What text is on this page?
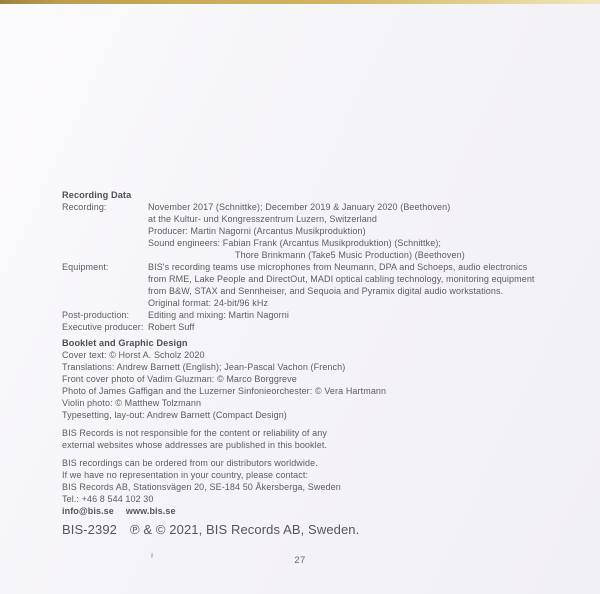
Recording Data
Recording:	November 2017 (Schnittke); December 2019 & January 2020 (Beethoven)
at the Kultur- und Kongresszentrum Luzern, Switzerland
Producer: Martin Nagorni (Arcantus Musikproduktion)
Sound engineers: Fabian Frank (Arcantus Musikproduktion) (Schnittke);
Thore Brinkmann (Take5 Music Production) (Beethoven)
Equipment:	BIS's recording teams use microphones from Neumann, DPA and Schoeps, audio electronics
from RME, Lake People and DirectOut, MADI optical cabling technology, monitoring equipment
from B&W, STAX and Sennheiser, and Sequoia and Pyramix digital audio workstations.
Original format: 24-bit/96 kHz
Post-production:	Editing and mixing: Martin Nagorni
Executive producer: Robert Suff
Booklet and Graphic Design
Cover text: © Horst A. Scholz 2020
Translations: Andrew Barnett (English); Jean-Pascal Vachon (French)
Front cover photo of Vadim Gluzman: © Marco Borggreve
Photo of James Gaffigan and the Luzerner Sinfonieorchester: © Vera Hartmann
Violin photo: © Matthew Tolzmann
Typesetting, lay-out: Andrew Barnett (Compact Design)
BIS Records is not responsible for the content or reliability of any
external websites whose addresses are published in this booklet.
BIS recordings can be ordered from our distributors worldwide.
If we have no representation in your country, please contact:
BIS Records AB, Stationsvägen 20, SE-184 50 Åkersberga, Sweden
Tel.: +46 8 544 102 30
info@bis.se www.bis.se
BIS-2392 ℗ & © 2021, BIS Records AB, Sweden.
27
